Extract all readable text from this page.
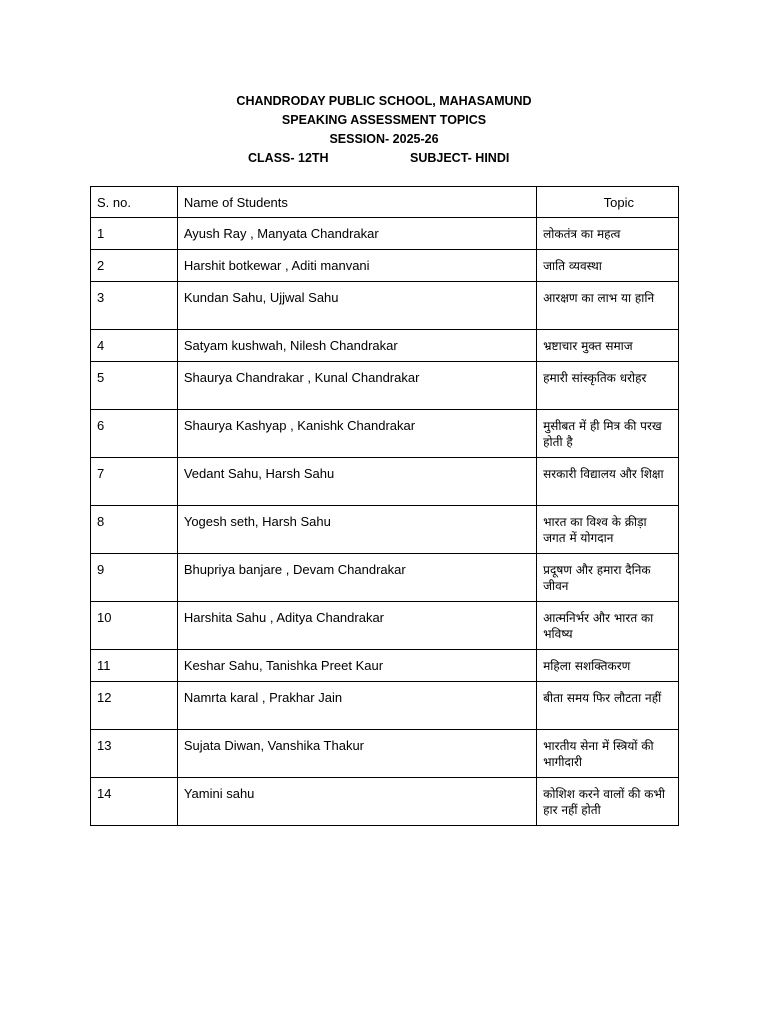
CHANDRODAY PUBLIC SCHOOL, MAHASAMUND
SPEAKING ASSESSMENT TOPICS
SESSION- 2025-26
CLASS- 12TH	SUBJECT- HINDI
S. no.	Name of Students	Topic
1	Ayush Ray , Manyata Chandrakar	लोकतंत्र का महत्व
2	Harshit botkewar , Aditi manvani	जाति व्यवस्था
3	Kundan Sahu, Ujjwal Sahu	आरक्षण का लाभ या हानि
4	Satyam kushwah, Nilesh Chandrakar	भ्रष्टाचार मुक्त समाज
5	Shaurya Chandrakar , Kunal Chandrakar	हमारी सांस्कृतिक धरोहर
6	Shaurya Kashyap , Kanishk Chandrakar	मुसीबत में ही मित्र की परख होती है
7	Vedant Sahu, Harsh Sahu	सरकारी विद्यालय और शिक्षा
8	Yogesh seth, Harsh Sahu	भारत का विश्व के क्रीड़ा जगत में योगदान
9	Bhupriya banjare , Devam Chandrakar	प्रदूषण और हमारा दैनिक जीवन
10	Harshita Sahu , Aditya Chandrakar	आत्मनिर्भर और भारत का भविष्य
11	Keshar Sahu, Tanishka Preet Kaur	महिला सशक्तिकरण
12	Namrta karal , Prakhar Jain	बीता समय फिर लौटता नहीं
13	Sujata Diwan, Vanshika Thakur	भारतीय सेना में स्त्रियों की भागीदारी
14	Yamini sahu	कोशिश करने वालों की कभी हार नहीं होती
